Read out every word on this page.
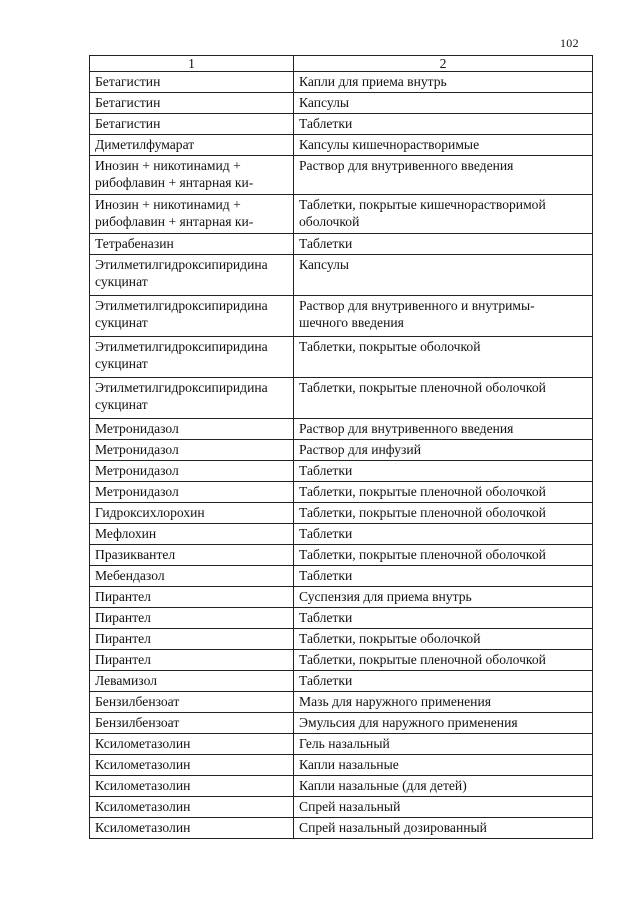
102
1	2

Бетагистин	Капли для приема внутрь

Бетагистин	Капсулы

Бетагистин	Таблетки

Диметилфумарат	Капсулы кишечнорастворимые

Инозин + никотинамид +
рибофлавин + янтарная ки-	Раствор для внутривенного введения

Инозин + никотинамид +
рибофлавин + янтарная ки-	Таблетки, покрытые кишечнорастворимой
оболочкой

Тетрабеназин	Таблетки

Этилметилгидроксипиридина
сукцинат	Капсулы

Этилметилгидроксипиридина
сукцинат	Раствор для внутривенного и внутримы-
шечного введения

Этилметилгидроксипиридина
сукцинат	Таблетки, покрытые оболочкой

Этилметилгидроксипиридина
сукцинат	Таблетки, покрытые пленочной оболочкой

Метронидазол	Раствор для внутривенного введения

Метронидазол	Раствор для инфузий

Метронидазол	Таблетки

Метронидазол	Таблетки, покрытые пленочной оболочкой

Гидроксихлорохин	Таблетки, покрытые пленочной оболочкой

Мефлохин	Таблетки

Празиквантел	Таблетки, покрытые пленочной оболочкой

Мебендазол	Таблетки

Пирантел	Суспензия для приема внутрь

Пирантел	Таблетки

Пирантел	Таблетки, покрытые оболочкой

Пирантел	Таблетки, покрытые пленочной оболочкой

Левамизол	Таблетки

Бензилбензоат	Мазь для наружного применения

Бензилбензоат	Эмульсия для наружного применения

Ксилометазолин	Гель назальный

Ксилометазолин	Капли назальные

Ксилометазолин	Капли назальные (для детей)

Ксилометазолин	Спрей назальный

Ксилометазолин	Спрей назальный дозированный
